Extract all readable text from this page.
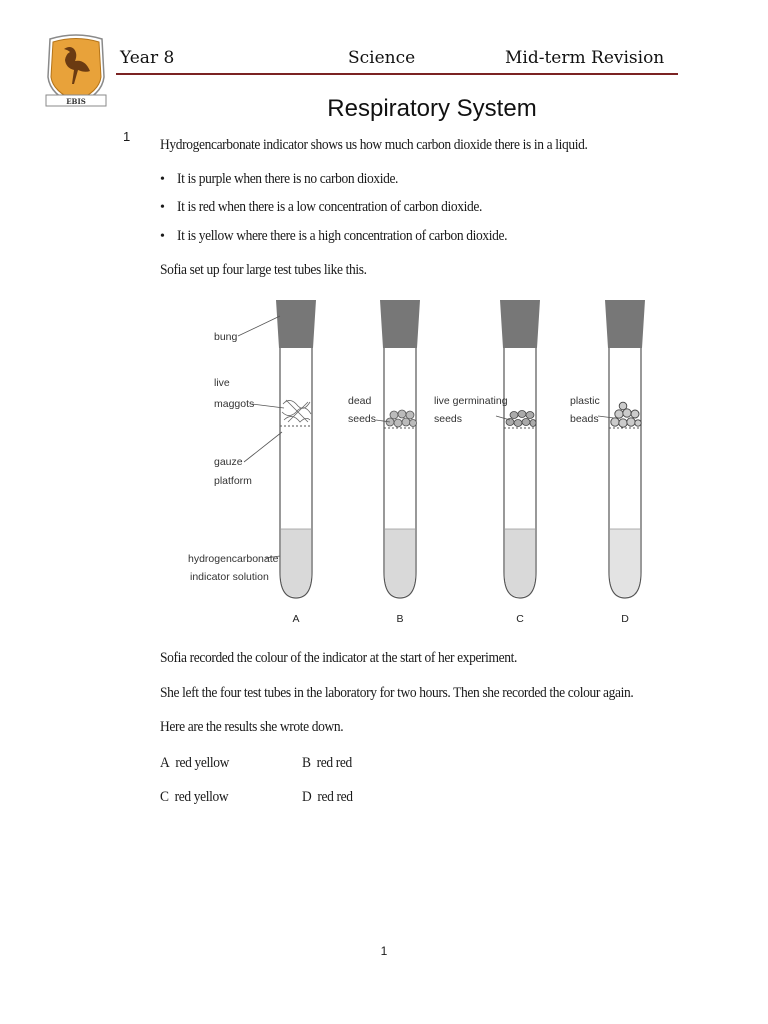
EBIS
Year 8	Science	Mid-term Revision
Respiratory System
1
Hydrogencarbonate indicator shows us how much carbon dioxide there is in a liquid.
• It is purple when there is no carbon dioxide.
• It is red when there is a low concentration of carbon dioxide.
• It is yellow where there is a high concentration of carbon dioxide.
Sofia set up four large test tubes like this.
bung
live
maggots
gauze
platform
hydrogencarbonate
indicator solution
dead
seeds
live germinating
seeds
plastic
beads
A	B	C	D
Sofia recorded the colour of the indicator at the start of her experiment.
She left the four test tubes in the laboratory for two hours. Then she recorded the colour again.
Here are the results she wrote down.
A red yellow	B red red
C red yellow	D red red
1
